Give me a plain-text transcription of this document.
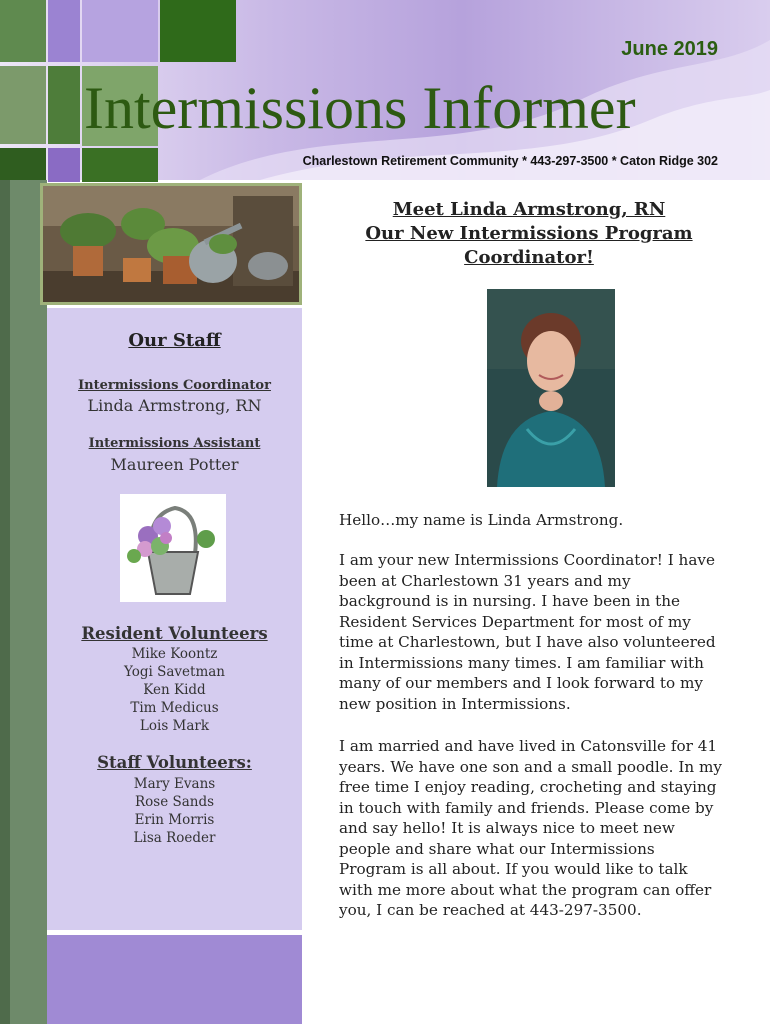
June 2019
Intermissions Informer
Charlestown Retirement Community * 443-297-3500 * Caton Ridge 302
Our Staff
Intermissions Coordinator
Linda Armstrong, RN
Intermissions Assistant
Maureen Potter
Resident Volunteers
Mike Koontz
Yogi Savetman
Ken Kidd
Tim Medicus
Lois Mark
Staff Volunteers:
Mary Evans
Rose Sands
Erin Morris
Lisa Roeder
Meet Linda Armstrong, RN
Our New Intermissions Program
Coordinator!
Hello…my name is Linda Armstrong.
I am your new Intermissions Coordinator! I have been at Charlestown 31 years and my background is in nursing. I have been in the Resident Services Department for most of my time at Charlestown, but I have also volunteered in Intermissions many times. I am familiar with many of our members and I look forward to my new position in Intermissions.
I am married and have lived in Catonsville for 41 years. We have one son and a small poodle. In my free time I enjoy reading, crocheting and staying in touch with family and friends. Please come by and say hello! It is always nice to meet new people and share what our Intermissions Program is all about. If you would like to talk with me more about what the program can offer you, I can be reached at 443-297-3500.
